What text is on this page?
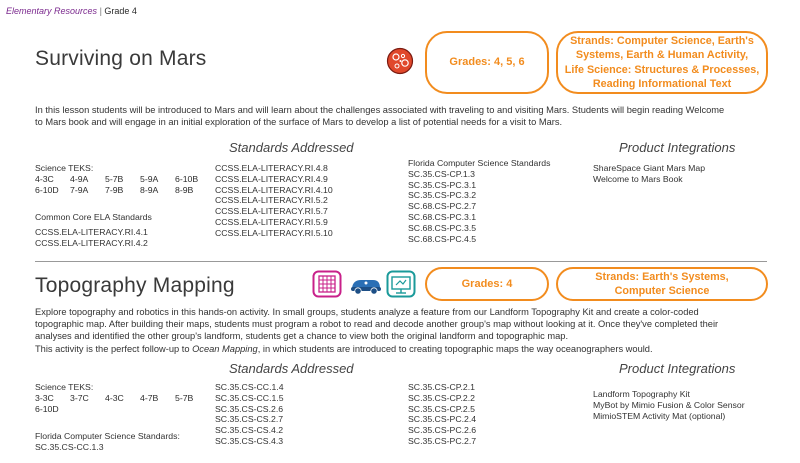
Elementary Resources | Grade 4
Surviving on Mars	Grades: 4, 5, 6
Strands: Computer Science, Earth's
Systems, Earth & Human Activity,
Life Science: Structures & Processes,
Reading Informational Text
In this lesson students will be introduced to Mars and will learn about the challenges associated with traveling to and visiting Mars. Students will begin reading Welcome
to Mars book and will engage in an initial exploration of the surface of Mars to develop a list of potential needs for a visit to Mars.
Standards Addressed	Product Integrations
Science TEKS:
4-3C	4-9A	5-7B	5-9A	6-10B
6-10D	7-9A	7-9B	8-9A	8-9B
Common Core ELA Standards
CCSS.ELA-LITERACY.RI.4.1
CCSS.ELA-LITERACY.RI.4.2
CCSS.ELA-LITERACY.RI.4.8
CCSS.ELA-LITERACY.RI.4.9
CCSS.ELA-LITERACY.RI.4.10
CCSS.ELA-LITERACY.RI.5.2
CCSS.ELA-LITERACY.RI.5.7
CCSS.ELA-LITERACY.RI.5.9
CCSS.ELA-LITERACY.RI.5.10
Florida Computer Science Standards
SC.35.CS-CP.1.3
SC.35.CS-PC.3.1
SC.35.CS-PC.3.2
SC.68.CS-PC.2.7
SC.68.CS-PC.3.1
SC.68.CS-PC.3.5
SC.68.CS-PC.4.5
ShareSpace Giant Mars Map
Welcome to Mars Book
Topography Mapping	Grades: 4
Strands: Earth's Systems,
Computer Science
Explore topography and robotics in this hands-on activity. In small groups, students analyze a feature from our Landform Topography Kit and create a color-coded
topographic map. After building their maps, students must program a robot to read and decode another group's map without looking at it. Once they've completed their
analyses and identified the other group's landform, students get a chance to view both the original landform and topographic map.
This activity is the perfect follow-up to Ocean Mapping, in which students are introduced to creating topographic maps the way oceanographers would.
Standards Addressed	Product Integrations
Science TEKS:
3-3C	3-7C	4-3C	4-7B	5-7B
6-10D
Florida Computer Science Standards:
SC.35.CS-CC.1.3
SC.35.CS-CC.1.4
SC.35.CS-CC.1.5
SC.35.CS-CS.2.6
SC.35.CS-CS.2.7
SC.35.CS-CS.4.2
SC.35.CS-CS.4.3
SC.35.CS-CP.2.1
SC.35.CS-CP.2.2
SC.35.CS-CP.2.5
SC.35.CS-PC.2.4
SC.35.CS-PC.2.6
SC.35.CS-PC.2.7
Landform Topography Kit
MyBot by Mimio Fusion & Color Sensor
MimioSTEM Activity Mat (optional)
